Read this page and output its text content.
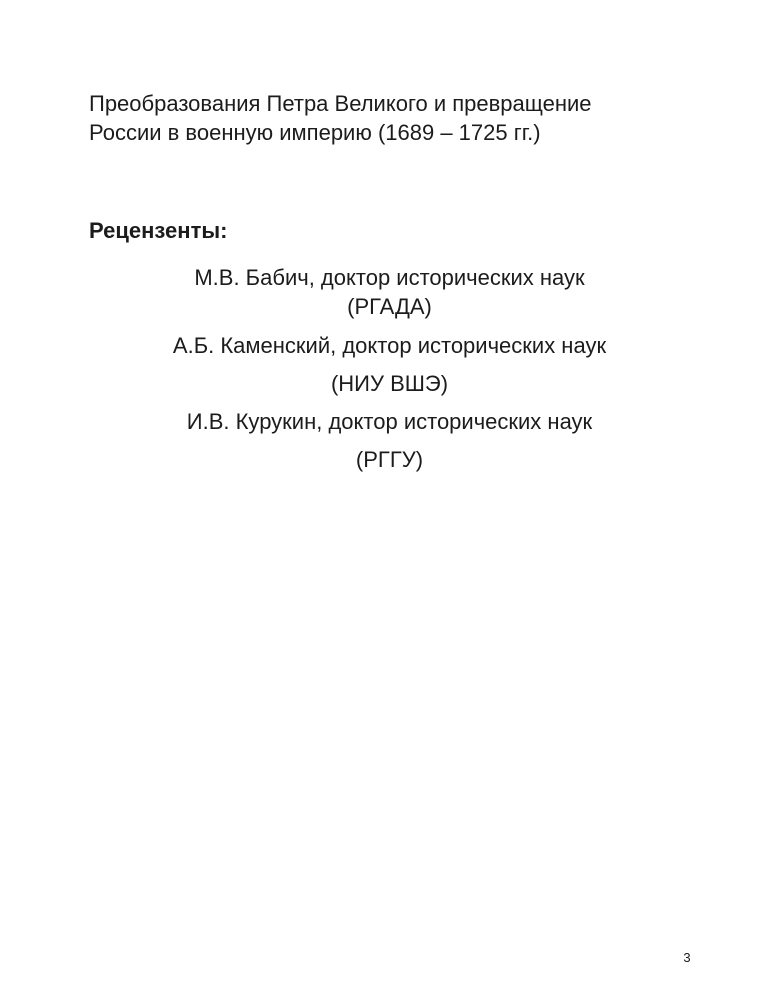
Преобразования Петра Великого и превращение
России в военную империю (1689 – 1725 гг.)
Рецензенты:
М.В. Бабич, доктор исторических наук
(РГАДА)
А.Б. Каменский, доктор исторических наук
(НИУ ВШЭ)
И.В. Курукин, доктор исторических наук
(РГГУ)
3
